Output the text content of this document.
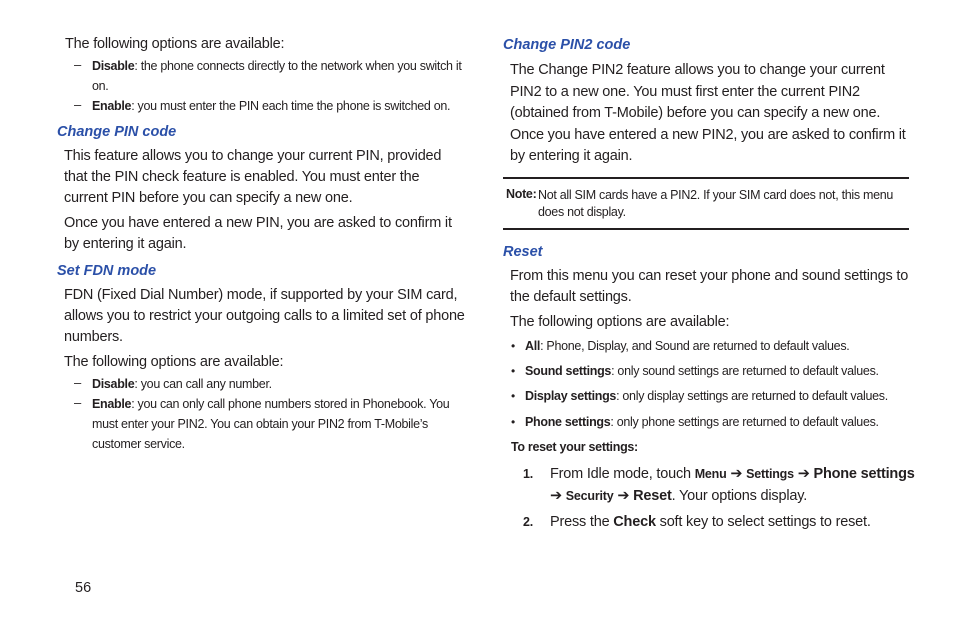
The following options are available:

– Disable: the phone connects directly to the network when you switch it on.
– Enable: you must enter the PIN each time the phone is switched on.
Change PIN code

This feature allows you to change your current PIN, provided that the PIN check feature is enabled. You must enter the current PIN before you can specify a new one.

Once you have entered a new PIN, you are asked to confirm it by entering it again.

Set FDN mode

FDN (Fixed Dial Number) mode, if supported by your SIM card, allows you to restrict your outgoing calls to a limited set of phone numbers.

The following options are available:

– Disable: you can call any number.
– Enable: you can only call phone numbers stored in Phonebook. You must enter your PIN2. You can obtain your PIN2 from T-Mobile’s customer service.
Change PIN2 code

The Change PIN2 feature allows you to change your current PIN2 to a new one. You must first enter the current PIN2 (obtained from T-Mobile) before you can specify a new one. Once you have entered a new PIN2, you are asked to confirm it by entering it again.

Note: Not all SIM cards have a PIN2. If your SIM card does not, this menu does not display.
Reset

From this menu you can reset your phone and sound settings to the default settings.

The following options are available:

• All: Phone, Display, and Sound are returned to default values.
• Sound settings: only sound settings are returned to default values.
• Display settings: only display settings are returned to default values.
• Phone settings: only phone settings are returned to default values.
To reset your settings:
1. From Idle mode, touch Menu ➔ Settings ➔ Phone settings
➔ Security ➔ Reset. Your options display.
2. Press the Check soft key to select settings to reset.
56
